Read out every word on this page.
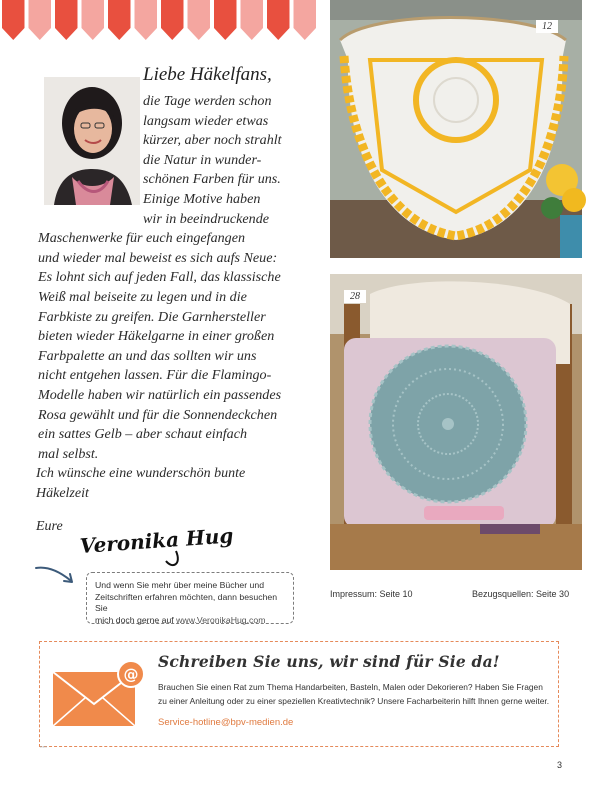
Liebe Häkelfans,
die Tage werden schon
langsam wieder etwas
kürzer, aber noch strahlt
die Natur in wunder-
schönen Farben für uns.
Einige Motive haben
wir in beeindruckende
Maschenwerke für euch eingefangen
und wieder mal beweist es sich aufs Neue:
Es lohnt sich auf jeden Fall, das klassische
Weiß mal beiseite zu legen und in die
Farbkiste zu greifen. Die Garnhersteller
bieten wieder Häkelgarne in einer großen
Farbpalette an und das sollten wir uns
nicht entgehen lassen. Für die Flamingo-
Modelle haben wir natürlich ein passendes
Rosa gewählt und für die Sonnendeckchen
ein sattes Gelb – aber schaut einfach
mal selbst.
Ich wünsche eine wunderschön bunte
Häkelzeit
Eure Veronika Hug
Und wenn Sie mehr über meine Bücher und
Zeitschriften erfahren möchten, dann besuchen Sie
mich doch gerne auf www.VeronikaHug.com
12
28
Impressum: Seite 10	Bezugsquellen: Seite 30
@
Schreiben Sie uns, wir sind für Sie da!
Brauchen Sie einen Rat zum Thema Handarbeiten, Basteln, Malen oder Dekorieren? Haben Sie Fragen
zu einer Anleitung oder zu einer speziellen Kreativtechnik? Unsere Facharbeiterin hilft Ihnen gerne weiter.
Service-hotline@bpv-medien.de
▪▪▪▪▪
3
PassionForum.ru
